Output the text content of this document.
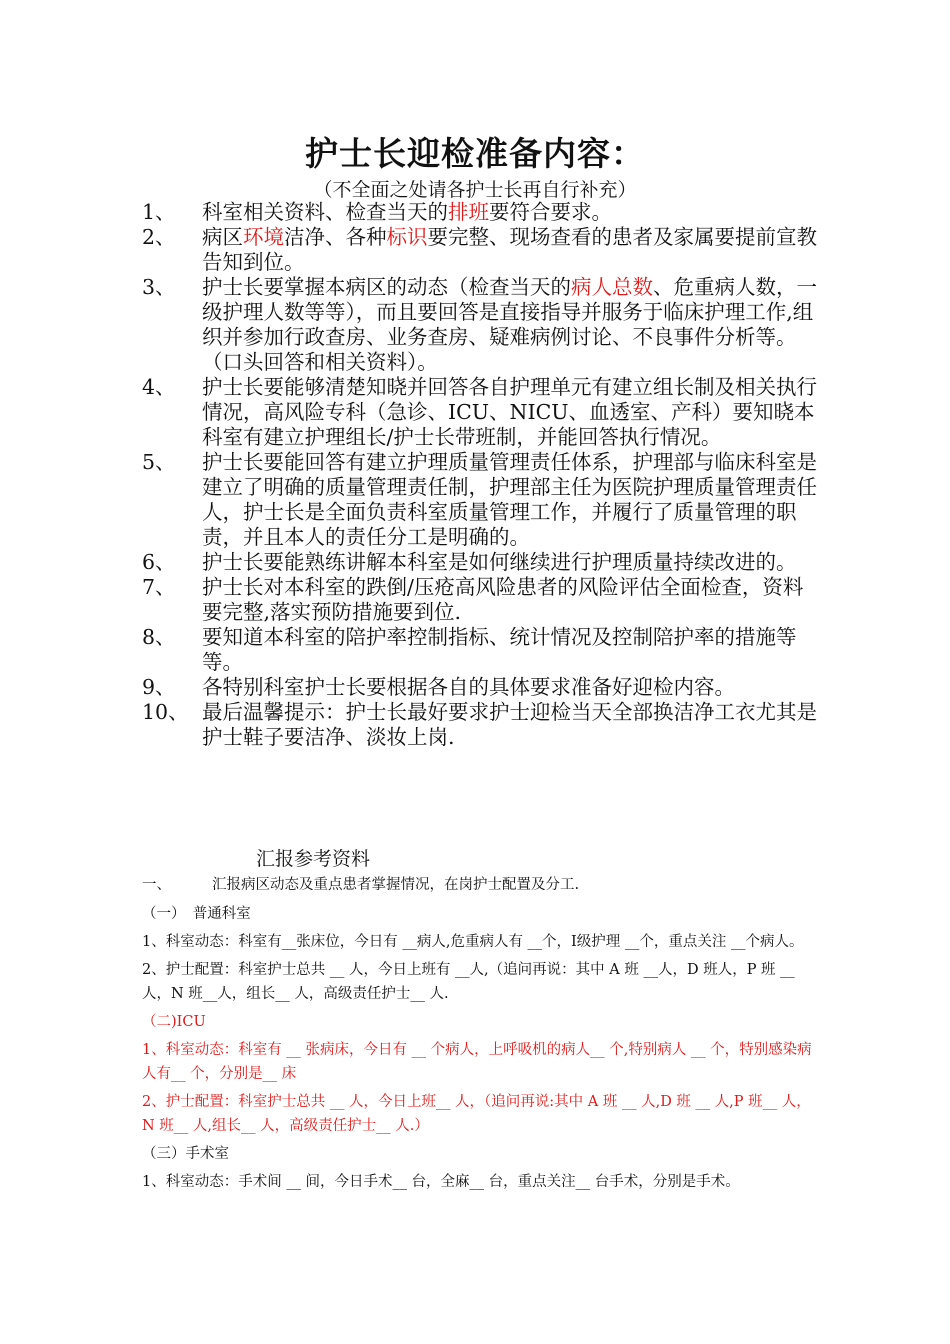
护士长迎检准备内容：
（不全面之处请各护士长再自行补充）
1、 科室相关资料、检查当天的排班要符合要求。
2、 病区环境洁净、各种标识要完整、现场查看的患者及家属要提前宣教告知到位。
3、 护士长要掌握本病区的动态（检查当天的病人总数、危重病人数，一级护理人数等等），而且要回答是直接指导并服务于临床护理工作,组织并参加行政查房、业务查房、疑难病例讨论、不良事件分析等。（口头回答和相关资料）。
4、 护士长要能够清楚知晓并回答各自护理单元有建立组长制及相关执行情况，高风险专科（急诊、ICU、NICU、血透室、产科）要知晓本科室有建立护理组长/护士长带班制，并能回答执行情况。
5、 护士长要能回答有建立护理质量管理责任体系，护理部与临床科室是建立了明确的质量管理责任制，护理部主任为医院护理质量管理责任人，护士长是全面负责科室质量管理工作，并履行了质量管理的职责，并且本人的责任分工是明确的。
6、 护士长要能熟练讲解本科室是如何继续进行护理质量持续改进的。
7、 护士长对本科室的跌倒/压疮高风险患者的风险评估全面检查，资料要完整,落实预防措施要到位.
8、 要知道本科室的陪护率控制指标、统计情况及控制陪护率的措施等等。
9、 各特别科室护士长要根据各自的具体要求准备好迎检内容。
10、 最后温馨提示：护士长最好要求护士迎检当天全部换洁净工衣尤其是护士鞋子要洁净、淡妆上岗.
汇报参考资料
一、	汇报病区动态及重点患者掌握情况，在岗护士配置及分工.
（一）　普通科室
1、科室动态：科室有__张床位，今日有 __病人,危重病人有 __个，I级护理 __个，重点关注 __个病人。
2、护士配置：科室护士总共 __ 人，今日上班有 __人,（追问再说：其中 A 班 __人，D 班人，P 班 __人，N 班__人，组长__ 人，高级责任护士__ 人.
（二)ICU
1、科室动态：科室有 __ 张病床，今日有 __ 个病人，上呼吸机的病人__ 个,特别病人 __ 个，特别感染病人有__ 个，分别是__ 床
2、护士配置：科室护士总共 __ 人，今日上班__ 人，（追问再说:其中 A 班 __ 人,D 班 __ 人,P 班__ 人，N 班__ 人,组长__ 人，高级责任护士__ 人.）
（三）手术室
1、科室动态：手术间 __ 间，今日手术__ 台，全麻__ 台，重点关注__ 台手术，分别是手术。
